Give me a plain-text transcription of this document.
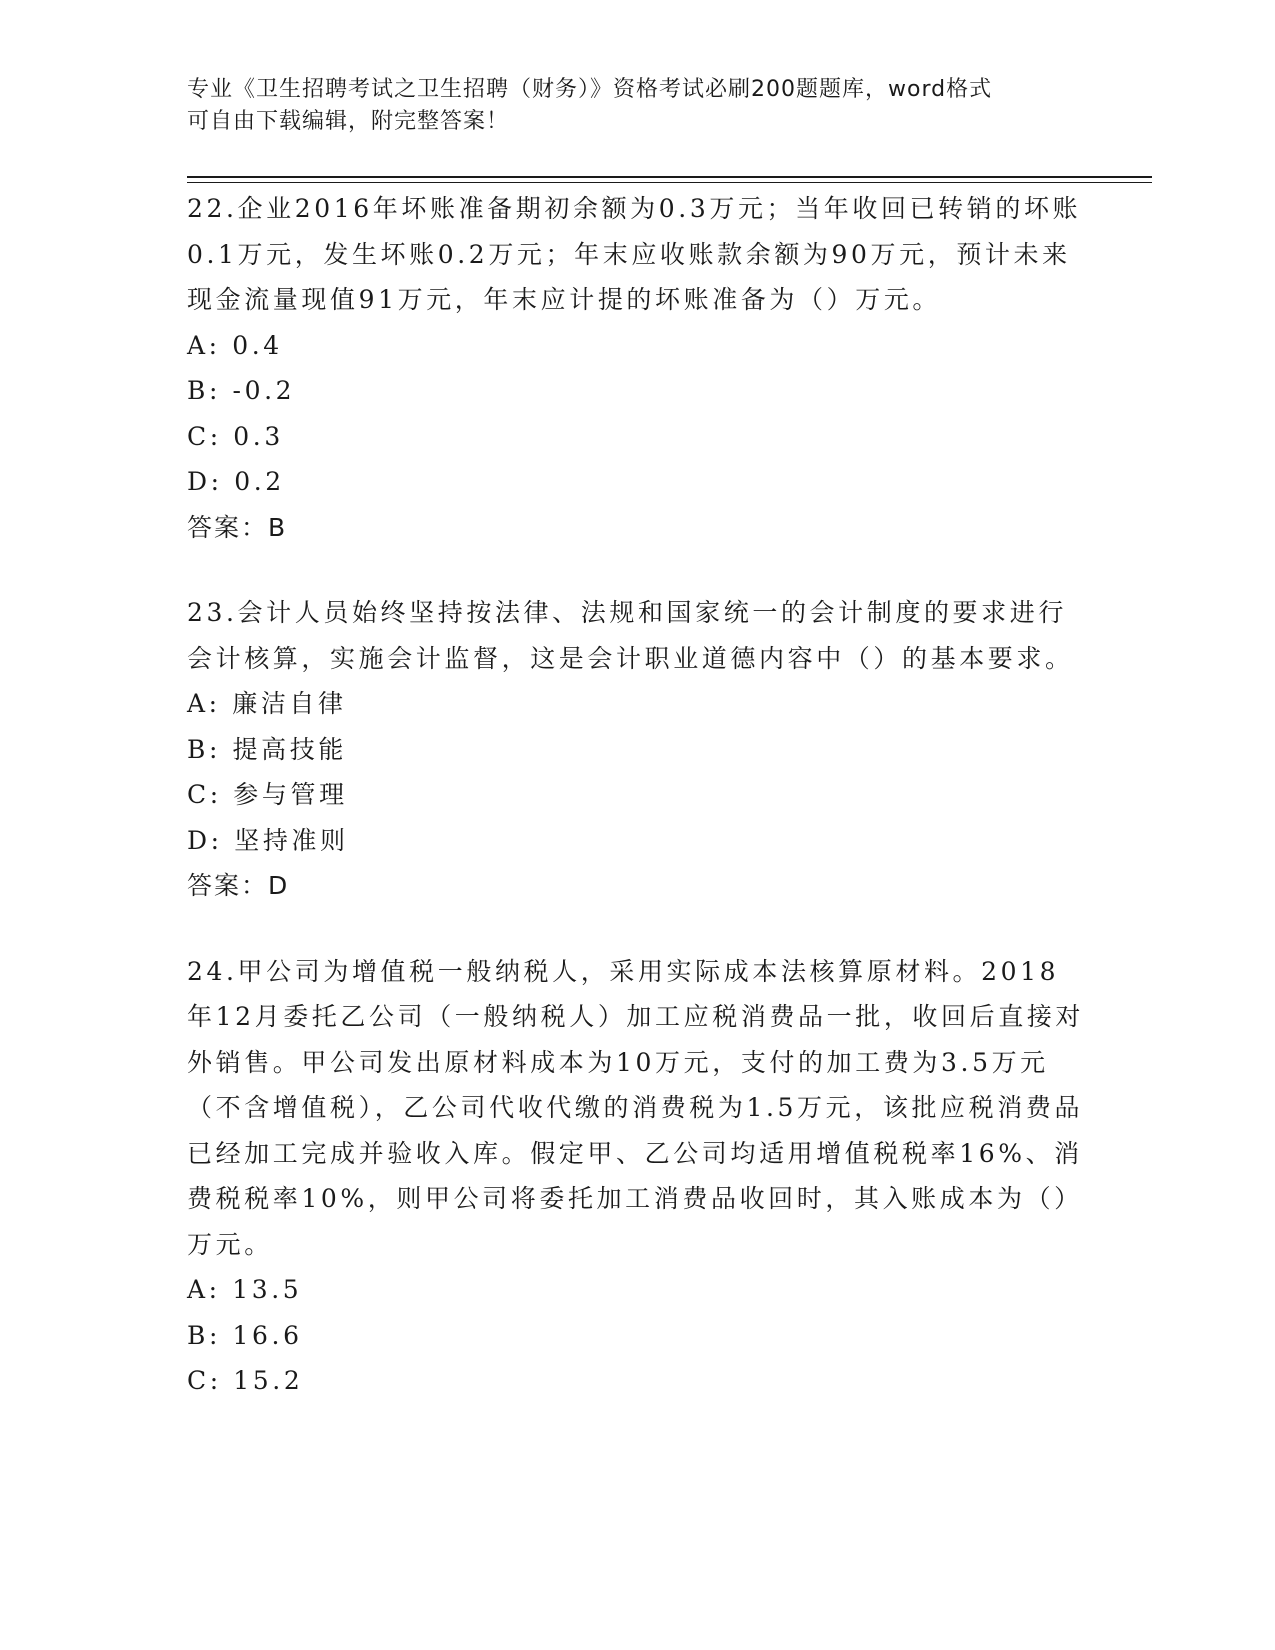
专业《卫生招聘考试之卫生招聘（财务）》资格考试必刷200题题库，word格式
可自由下载编辑，附完整答案！

22.企业2016年坏账准备期初余额为0.3万元；当年收回已转销的坏账0.1万元，发生坏账0.2万元；年末应收账款余额为90万元，预计未来现金流量现值91万元，年末应计提的坏账准备为（）万元。

A: 0.4
B: -0.2
C: 0.3
D: 0.2

答案：B

23.会计人员始终坚持按法律、法规和国家统一的会计制度的要求进行会计核算，实施会计监督，这是会计职业道德内容中（）的基本要求。

A: 廉洁自律
B: 提高技能
C: 参与管理
D: 坚持准则

答案：D

24.甲公司为增值税一般纳税人，采用实际成本法核算原材料。2018年12月委托乙公司（一般纳税人）加工应税消费品一批，收回后直接对外销售。甲公司发出原材料成本为10万元，支付的加工费为3.5万元（不含增值税），乙公司代收代缴的消费税为1.5万元，该批应税消费品已经加工完成并验收入库。假定甲、乙公司均适用增值税税率16%、消费税税率10%，则甲公司将委托加工消费品收回时，其入账成本为（）万元。

A: 13.5
B: 16.6
C: 15.2
